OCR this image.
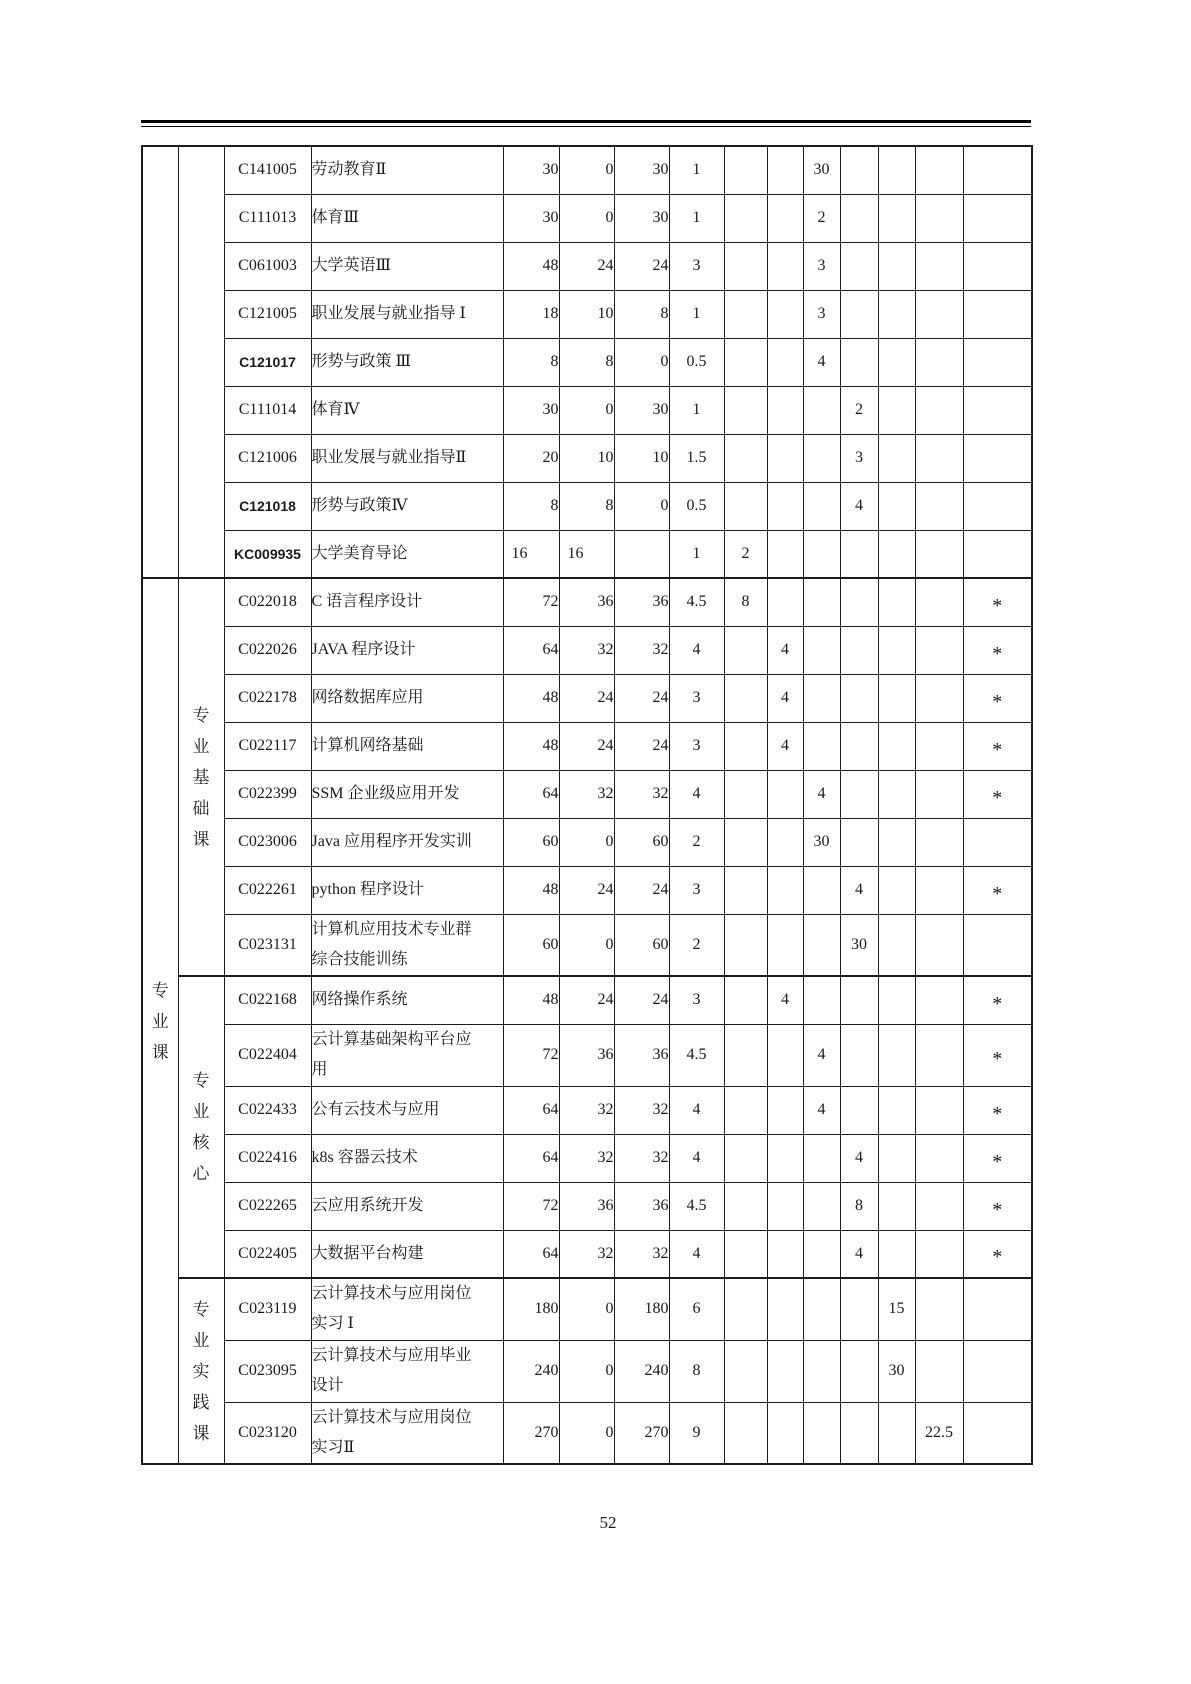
		C141005	劳动教育Ⅱ	30	0	30	1			30				
		C111013	体育Ⅲ	30	0	30	1			2				
		C061003	大学英语Ⅲ	48	24	24	3			3				
		C121005	职业发展与就业指导 Ⅰ	18	10	8	1			3				
		C121017	形势与政策 Ⅲ	8	8	0	0.5			4				
		C111014	体育Ⅳ	30	0	30	1				2			
		C121006	职业发展与就业指导Ⅱ	20	10	10	1.5				3			
		C121018	形势与政策Ⅳ	8	8	0	0.5				4			
		KC009935	大学美育导论	16	16		1	2						

专
业
课

专
业
基
础
课
	C022018	C 语言程序设计	72	36	36	4.5	8						*
		C022026	JAVA 程序设计	64	32	32	4		4					*
		C022178	网络数据库应用	48	24	24	3		4					*
		C022117	计算机网络基础	48	24	24	3		4					*
		C022399	SSM 企业级应用开发	64	32	32	4			4				*
		C023006	Java 应用程序开发实训	60	0	60	2			30				
		C022261	python 程序设计	48	24	24	3				4			*
		C023131	计算机应用技术专业群
综合技能训练	60	0	60	2				30			

	专
业
核
心	C022168	网络操作系统	48	24	24	3		4					*
		C022404	云计算基础架构平台应
用	72	36	36	4.5			4				*
		C022433	公有云技术与应用	64	32	32	4			4				*
		C022416	k8s 容器云技术	64	32	32	4				4			*
		C022265	云应用系统开发	72	36	36	4.5				8			*
		C022405	大数据平台构建	64	32	32	4				4			*

专
业
实
践
课
	C023119	云计算技术与应用岗位
实习 Ⅰ	180	0	180	6					15		
		C023095	云计算技术与应用毕业
设计	240	0	240	8					30		
		C023120	云计算技术与应用岗位
实习Ⅱ	270	0	270	9						22.5	
52
